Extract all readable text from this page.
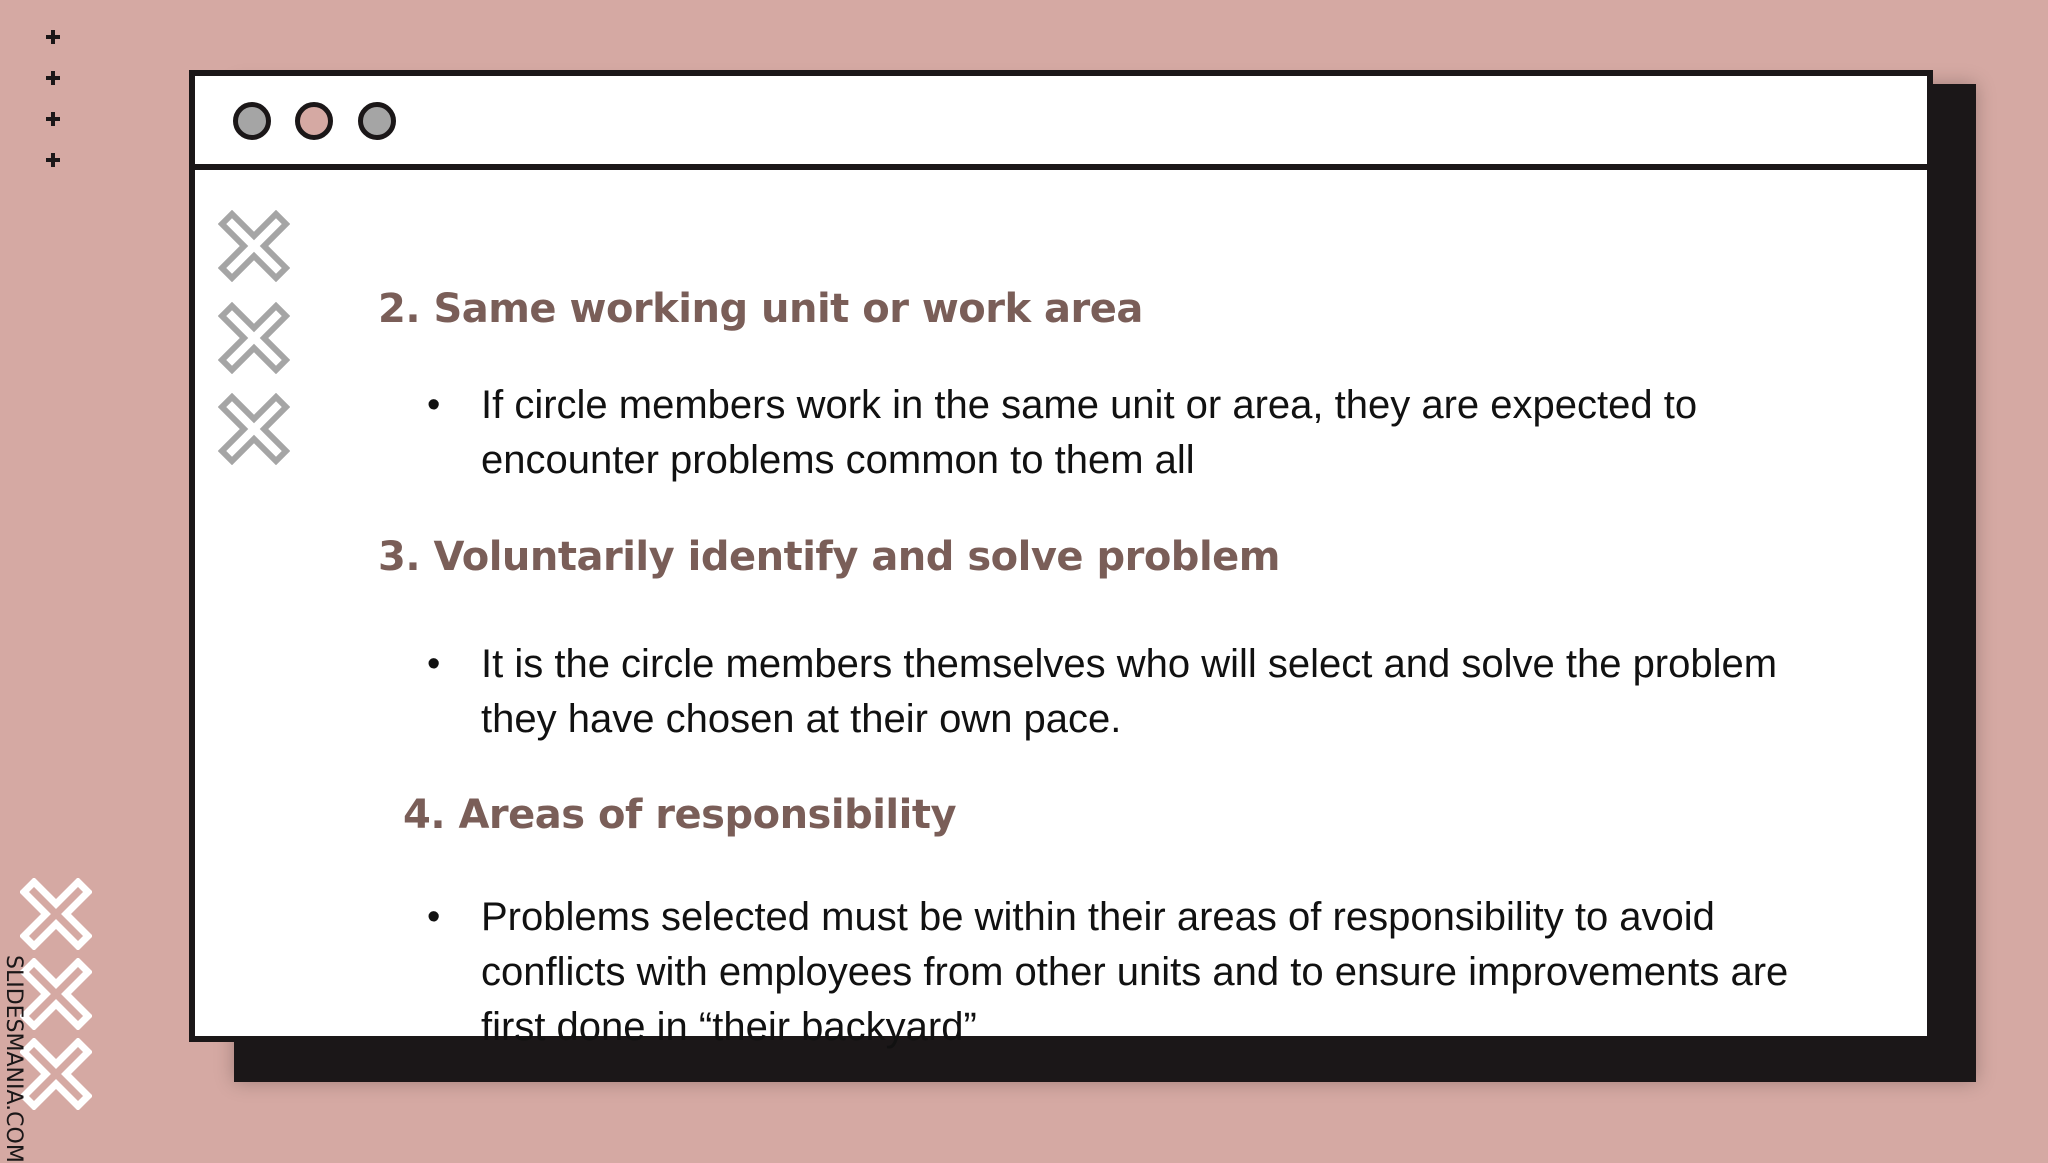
SLIDESMANIA.COM
2. Same working unit or work area
•	If circle members work in the same unit or area, they are expected to encounter problems common to them all
3. Voluntarily identify and solve problem
•	It is the circle members themselves who will select and solve the problem they have chosen at their own pace.
4. Areas of responsibility
•	Problems selected must be within their areas of responsibility to avoid conflicts with employees from other units and to ensure improvements are first done in “their backyard”
